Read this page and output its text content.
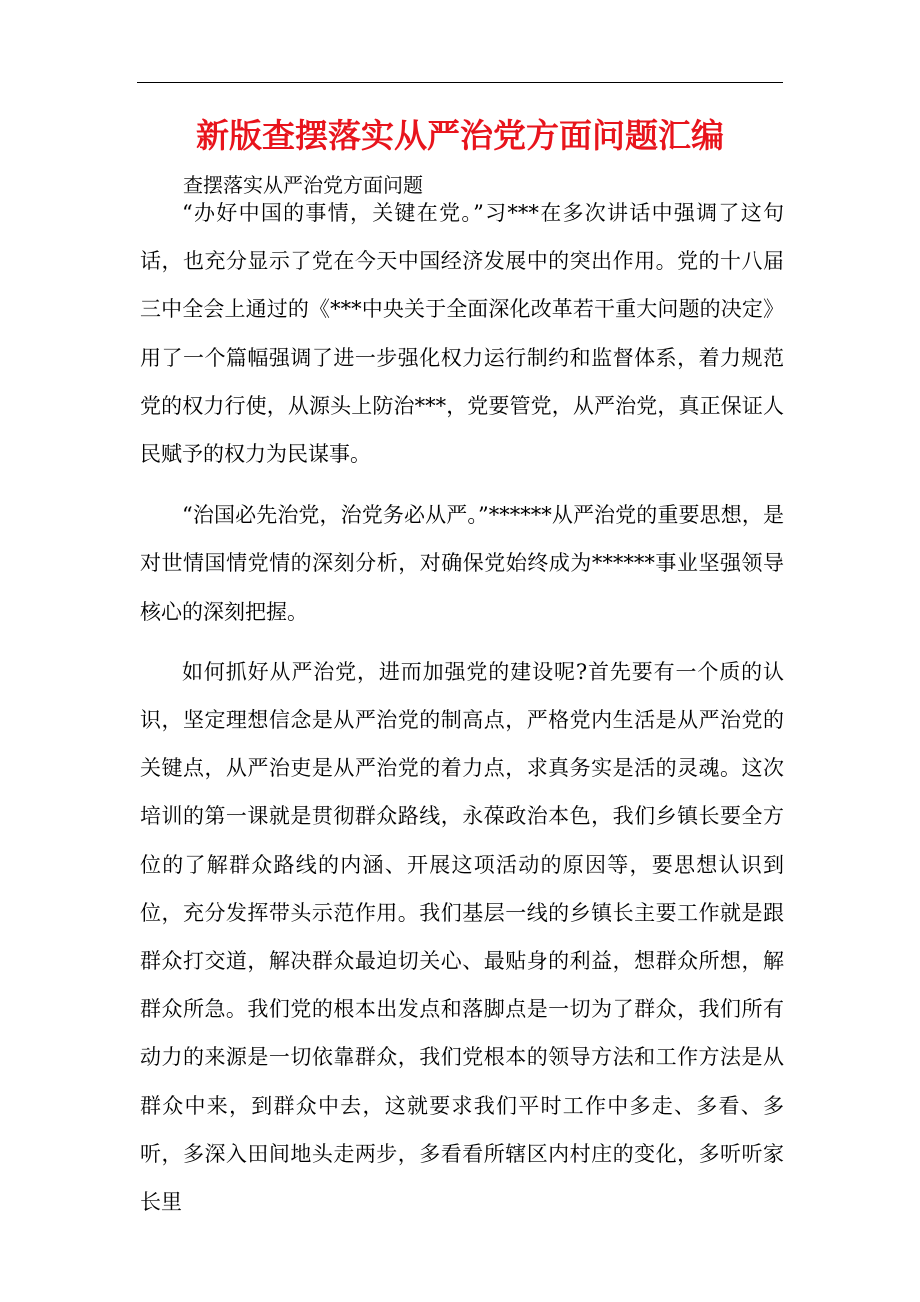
新版查摆落实从严治党方面问题汇编
查摆落实从严治党方面问题

“办好中国的事情，关键在党。”习***在多次讲话中强调了这句话，也充分显示了党在今天中国经济发展中的突出作用。党的十八届三中全会上通过的《***中央关于全面深化改革若干重大问题的决定》用了一个篇幅强调了进一步强化权力运行制约和监督体系，着力规范党的权力行使，从源头上防治***，党要管党，从严治党，真正保证人民赋予的权力为民谋事。

“治国必先治党，治党务必从严。”******从严治党的重要思想，是对世情国情党情的深刻分析，对确保党始终成为******事业坚强领导核心的深刻把握。

如何抓好从严治党，进而加强党的建设呢?首先要有一个质的认识，坚定理想信念是从严治党的制高点，严格党内生活是从严治党的关键点，从严治吏是从严治党的着力点，求真务实是活的灵魂。这次培训的第一课就是贯彻群众路线，永葆政治本色，我们乡镇长要全方位的了解群众路线的内涵、开展这项活动的原因等，要思想认识到位，充分发挥带头示范作用。我们基层一线的乡镇长主要工作就是跟群众打交道，解决群众最迫切关心、最贴身的利益，想群众所想，解群众所急。我们党的根本出发点和落脚点是一切为了群众，我们所有动力的来源是一切依靠群众，我们党根本的领导方法和工作方法是从群众中来，到群众中去，这就要求我们平时工作中多走、多看、多听，多深入田间地头走两步，多看看所辖区内村庄的变化，多听听家长里
